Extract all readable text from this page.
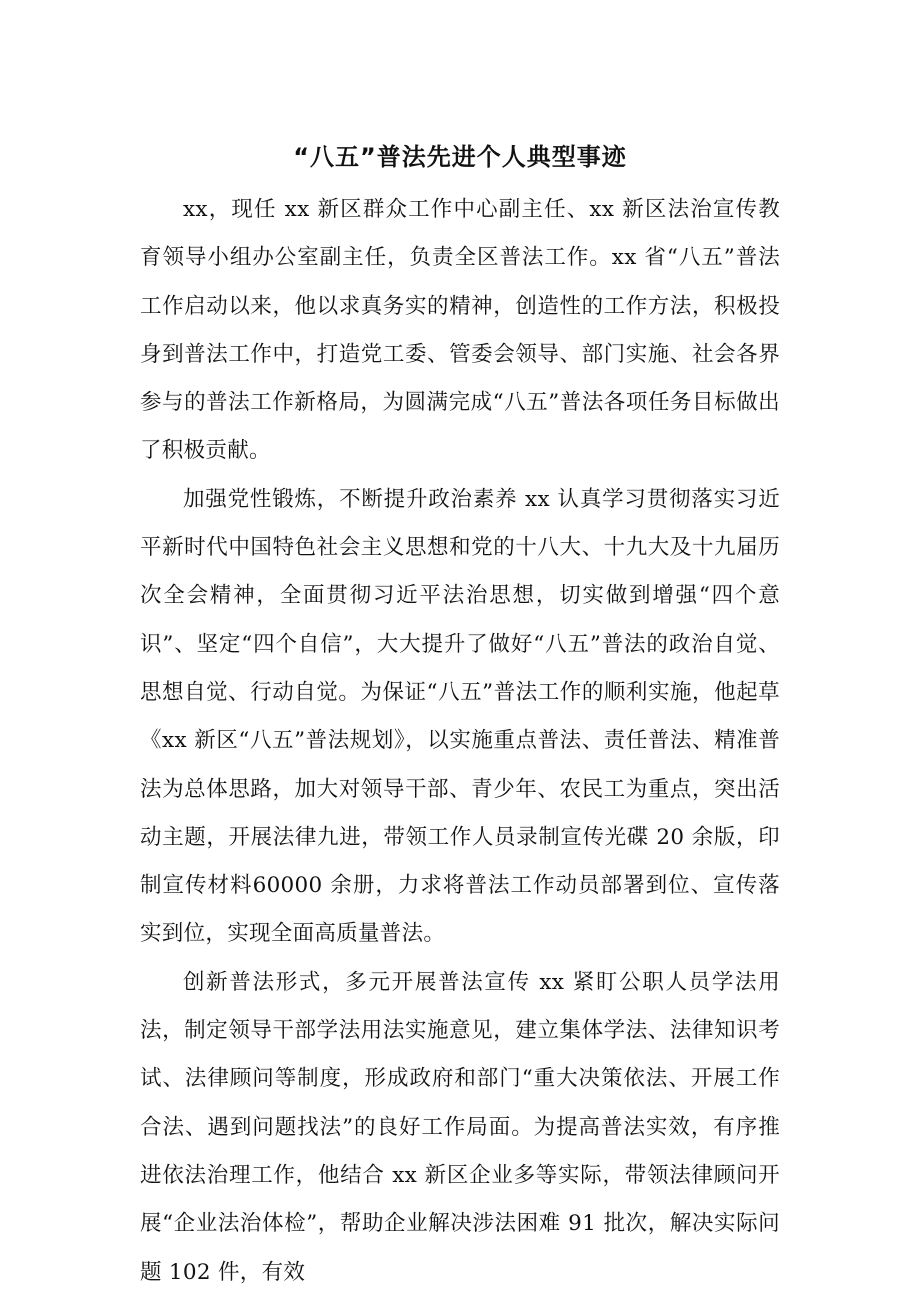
“八五”普法先进个人典型事迹

xx，现任 xx 新区群众工作中心副主任、xx 新区法治宣传教育领导小组办公室副主任，负责全区普法工作。xx 省“八五”普法工作启动以来，他以求真务实的精神，创造性的工作方法，积极投身到普法工作中，打造党工委、管委会领导、部门实施、社会各界参与的普法工作新格局，为圆满完成“八五”普法各项任务目标做出了积极贡献。

加强党性锻炼，不断提升政治素养 xx 认真学习贯彻落实习近平新时代中国特色社会主义思想和党的十八大、十九大及十九届历次全会精神，全面贯彻习近平法治思想，切实做到增强“四个意识”、坚定“四个自信”，大大提升了做好“八五”普法的政治自觉、思想自觉、行动自觉。为保证“八五”普法工作的顺利实施，他起草《xx 新区“八五”普法规划》，以实施重点普法、责任普法、精准普法为总体思路，加大对领导干部、青少年、农民工为重点，突出活动主题，开展法律九进，带领工作人员录制宣传光碟 20 余版，印制宣传材料60000 余册，力求将普法工作动员部署到位、宣传落实到位，实现全面高质量普法。

创新普法形式，多元开展普法宣传 xx 紧盯公职人员学法用法，制定领导干部学法用法实施意见，建立集体学法、法律知识考试、法律顾问等制度，形成政府和部门“重大决策依法、开展工作合法、遇到问题找法”的良好工作局面。为提高普法实效，有序推进依法治理工作，他结合 xx 新区企业多等实际，带领法律顾问开展“企业法治体检”，帮助企业解决涉法困难 91 批次，解决实际问题 102 件，有效
